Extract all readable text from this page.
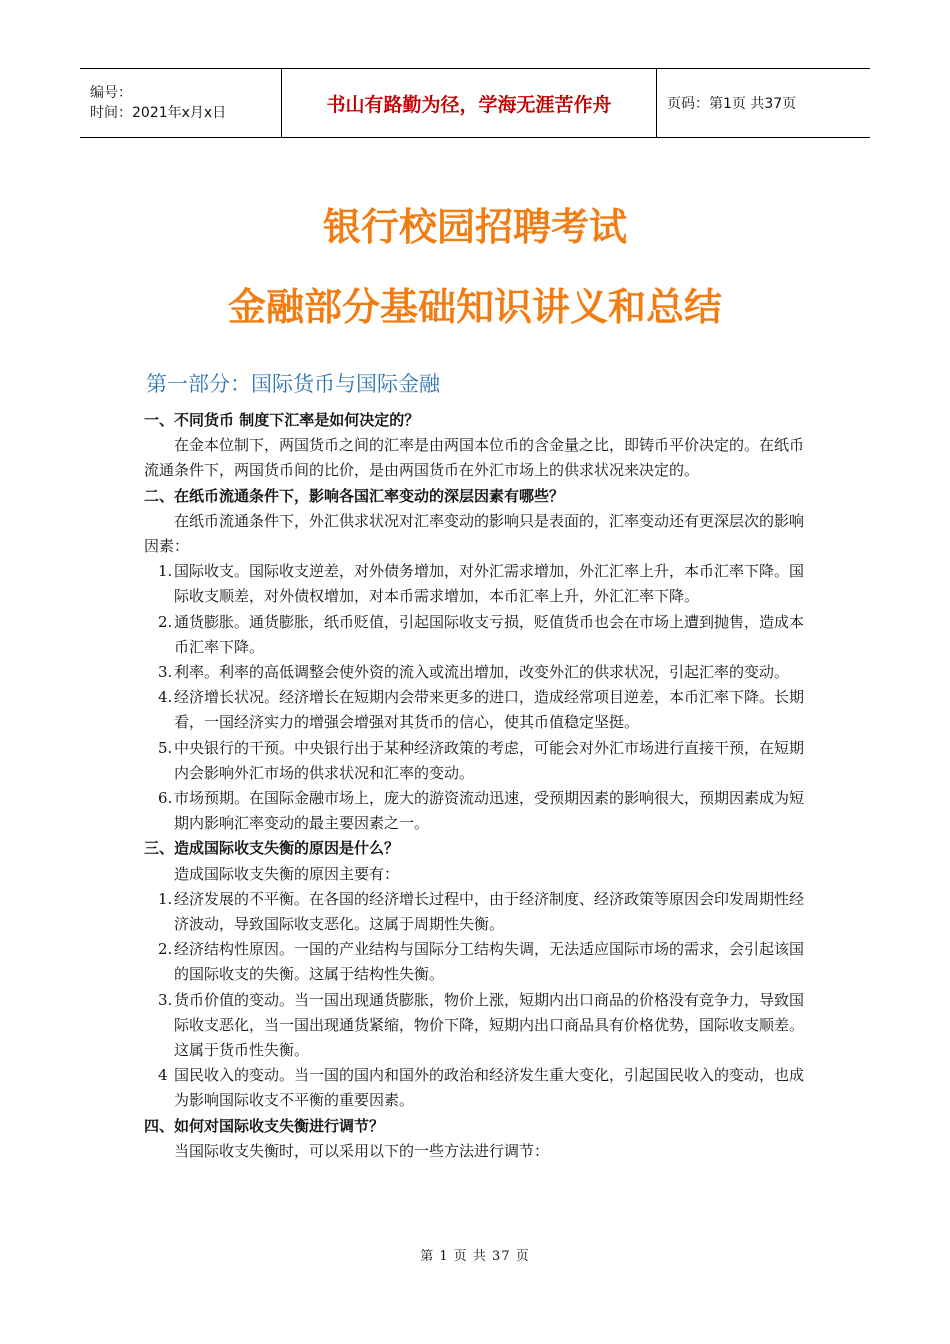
编号：
时间：2021年x月x日	书山有路勤为径，学海无涯苦作舟	页码：第1页 共37页
银行校园招聘考试
金融部分基础知识讲义和总结
第一部分：国际货币与国际金融

一、不同货币 制度下汇率是如何决定的？

在金本位制下，两国货币之间的汇率是由两国本位币的含金量之比，即铸币平价决定的。在纸币流通条件下，两国货币间的比价，是由两国货币在外汇市场上的供求状况来决定的。

二、在纸币流通条件下，影响各国汇率变动的深层因素有哪些？

在纸币流通条件下，外汇供求状况对汇率变动的影响只是表面的，汇率变动还有更深层次的影响因素：

1. 国际收支。国际收支逆差，对外债务增加，对外汇需求增加，外汇汇率上升，本币汇率下降。国际收支顺差，对外债权增加，对本币需求增加，本币汇率上升，外汇汇率下降。

2. 通货膨胀。通货膨胀，纸币贬值，引起国际收支亏损，贬值货币也会在市场上遭到抛售，造成本币汇率下降。

3. 利率。利率的高低调整会使外资的流入或流出增加，改变外汇的供求状况，引起汇率的变动。

4. 经济增长状况。经济增长在短期内会带来更多的进口，造成经常项目逆差，本币汇率下降。长期看，一国经济实力的增强会增强对其货币的信心，使其币值稳定坚挺。

5. 中央银行的干预。中央银行出于某种经济政策的考虑，可能会对外汇市场进行直接干预，在短期内会影响外汇市场的供求状况和汇率的变动。

6. 市场预期。在国际金融市场上，庞大的游资流动迅速，受预期因素的影响很大，预期因素成为短期内影响汇率变动的最主要因素之一。

三、造成国际收支失衡的原因是什么？

造成国际收支失衡的原因主要有：

1. 经济发展的不平衡。在各国的经济增长过程中，由于经济制度、经济政策等原因会印发周期性经济波动，导致国际收支恶化。这属于周期性失衡。

2. 经济结构性原因。一国的产业结构与国际分工结构失调，无法适应国际市场的需求，会引起该国的国际收支的失衡。这属于结构性失衡。

3. 货币价值的变动。当一国出现通货膨胀，物价上涨，短期内出口商品的价格没有竞争力，导致国际收支恶化，当一国出现通货紧缩，物价下降，短期内出口商品具有价格优势，国际收支顺差。这属于货币性失衡。

4 国民收入的变动。当一国的国内和国外的政治和经济发生重大变化，引起国民收入的变动，也成为影响国际收支不平衡的重要因素。

四、如何对国际收支失衡进行调节？

当国际收支失衡时，可以采用以下的一些方法进行调节：

第 1 页 共 37 页
